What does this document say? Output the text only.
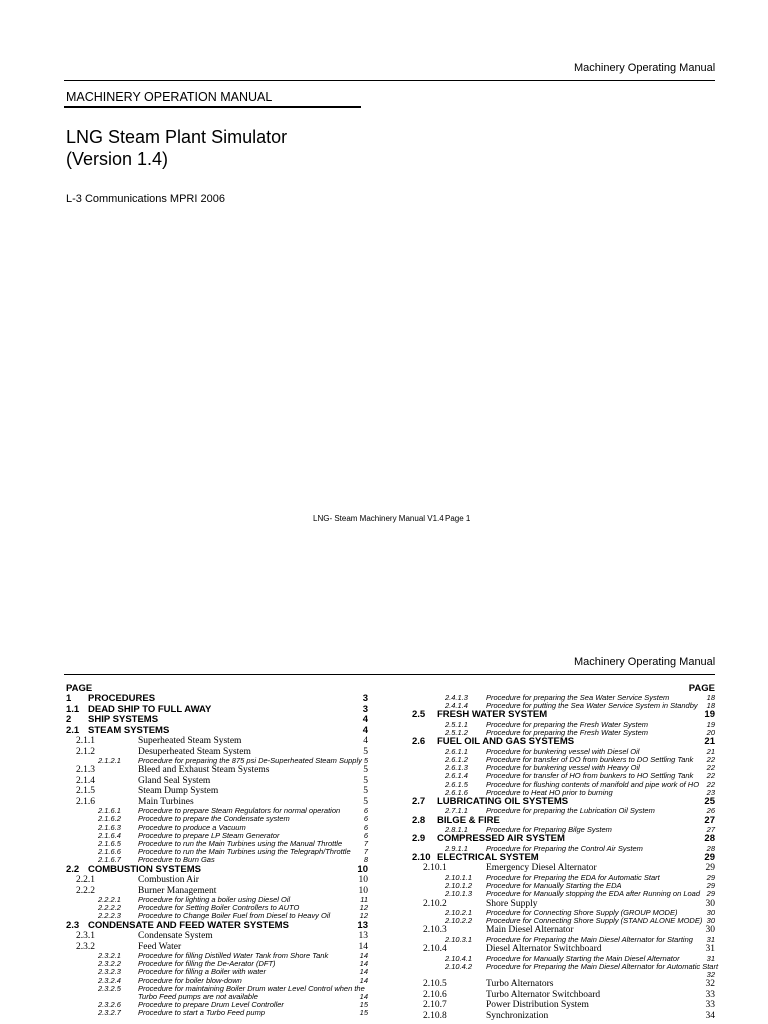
Machinery Operating Manual
MACHINERY OPERATION MANUAL
LNG Steam Plant Simulator
(Version 1.4)
L-3 Communications MPRI 2006
LNG- Steam Machinery Manual V1.4 Page 1
Machinery Operating Manual
PAGE
1 PROCEDURES	3
1.1 DEAD SHIP TO FULL AWAY	3
2 SHIP SYSTEMS	4
2.1 STEAM SYSTEMS	4
2.1.1	Superheated Steam System	4
2.1.2	Desuperheated Steam System	5
2.1.2.1 Procedure for preparing the 875 psi De-Superheated Steam Supply 5
2.1.3	Bleed and Exhaust Steam Systems	5
2.1.4	Gland Seal System	5
2.1.5	Steam Dump System	5
2.1.6	Main Turbines	5
2.1.6.1 Procedure to prepare Steam Regulators for normal operation	6
2.1.6.2 Procedure to prepare the Condensate system	6
2.1.6.3 Procedure to produce a Vacuum	6
2.1.6.4 Procedure to prepare LP Steam Generator	6
2.1.6.5 Procedure to run the Main Turbines using the Manual Throttle	7
2.1.6.6 Procedure to run the Main Turbines using the Telegraph/Throttle 7
2.1.6.7 Procedure to Burn Gas	8
2.2 COMBUSTION SYSTEMS	10
2.2.1	Combustion Air	10
2.2.2	Burner Management	10
2.2.2.1 Procedure for lighting a boiler using Diesel Oil	11
2.2.2.2 Procedure for Setting Boiler Controllers to AUTO	12
2.2.2.3 Procedure to Change Boiler Fuel from Diesel to Heavy Oil	12
2.3 CONDENSATE AND FEED WATER SYSTEMS	13
2.3.1	Condensate System	13
2.3.2	Feed Water	14
2.3.2.1 Procedure for filling Distilled Water Tank from Shore Tank	14
2.3.2.2 Procedure for filling the De-Aerator (DFT)	14
2.3.2.3 Procedure for filling a Boiler with water	14
2.3.2.4 Procedure for boiler blow-down	14
2.3.2.5 Procedure for maintaining Boiler Drum water Level Control when the
Turbo Feed pumps are not available	14
2.3.2.6 Procedure to prepare Drum Level Controller	15
2.3.2.7 Procedure to start a Turbo Feed pump	15
PAGE
2.4.1.3 Procedure for preparing the Sea Water Service System	18
2.4.1.4 Procedure for putting the Sea Water Service System in Standby 18
2.5 FRESH WATER SYSTEM	19
2.5.1.1 Procedure for preparing the Fresh Water System	19
2.5.1.2 Procedure for preparing the Fresh Water System	20
2.6 FUEL OIL AND GAS SYSTEMS	21
2.6.1.1 Procedure for bunkering vessel with Diesel Oil	21
2.6.1.2 Procedure for transfer of DO from bunkers to DO Settling Tank 22
2.6.1.3 Procedure for bunkering vessel with Heavy Oil	22
2.6.1.4 Procedure for transfer of HO from bunkers to HO Settling Tank 22
2.6.1.5 Procedure for flushing contents of manifold and pipe work of HO 22
2.6.1.6 Procedure to Heat HO prior to burning	23
2.7 LUBRICATING OIL SYSTEMS	25
2.7.1.1 Procedure for preparing the Lubrication Oil System	26
2.8 BILGE & FIRE	27
2.8.1.1 Procedure for Preparing Bilge System	27
2.9 COMPRESSED AIR SYSTEM	28
2.9.1.1 Procedure for Preparing the Control Air System	28
2.10 ELECTRICAL SYSTEM	29
2.10.1	Emergency Diesel Alternator	29
2.10.1.1 Procedure for Preparing the EDA for Automatic Start	29
2.10.1.2 Procedure for Manually Starting the EDA	29
2.10.1.3 Procedure for Manually stopping the EDA after Running on Load 29
2.10.2	Shore Supply	30
2.10.2.1 Procedure for Connecting Shore Supply (GROUP MODE)	30
2.10.2.2 Procedure for Connecting Shore Supply (STAND ALONE MODE) 30
2.10.3	Main Diesel Alternator	30
2.10.3.1 Procedure for Preparing the Main Diesel Alternator for Starting 31
2.10.4	Diesel Alternator Switchboard	31
2.10.4.1 Procedure for Manually Starting the Main Diesel Alternator	31
2.10.4.2 Procedure for Preparing the Main Diesel Alternator for Automatic Start
32
2.10.5	Turbo Alternators	32
2.10.6	Turbo Alternator Switchboard	33
2.10.7	Power Distribution System	33
2.10.8	Synchronization	34
